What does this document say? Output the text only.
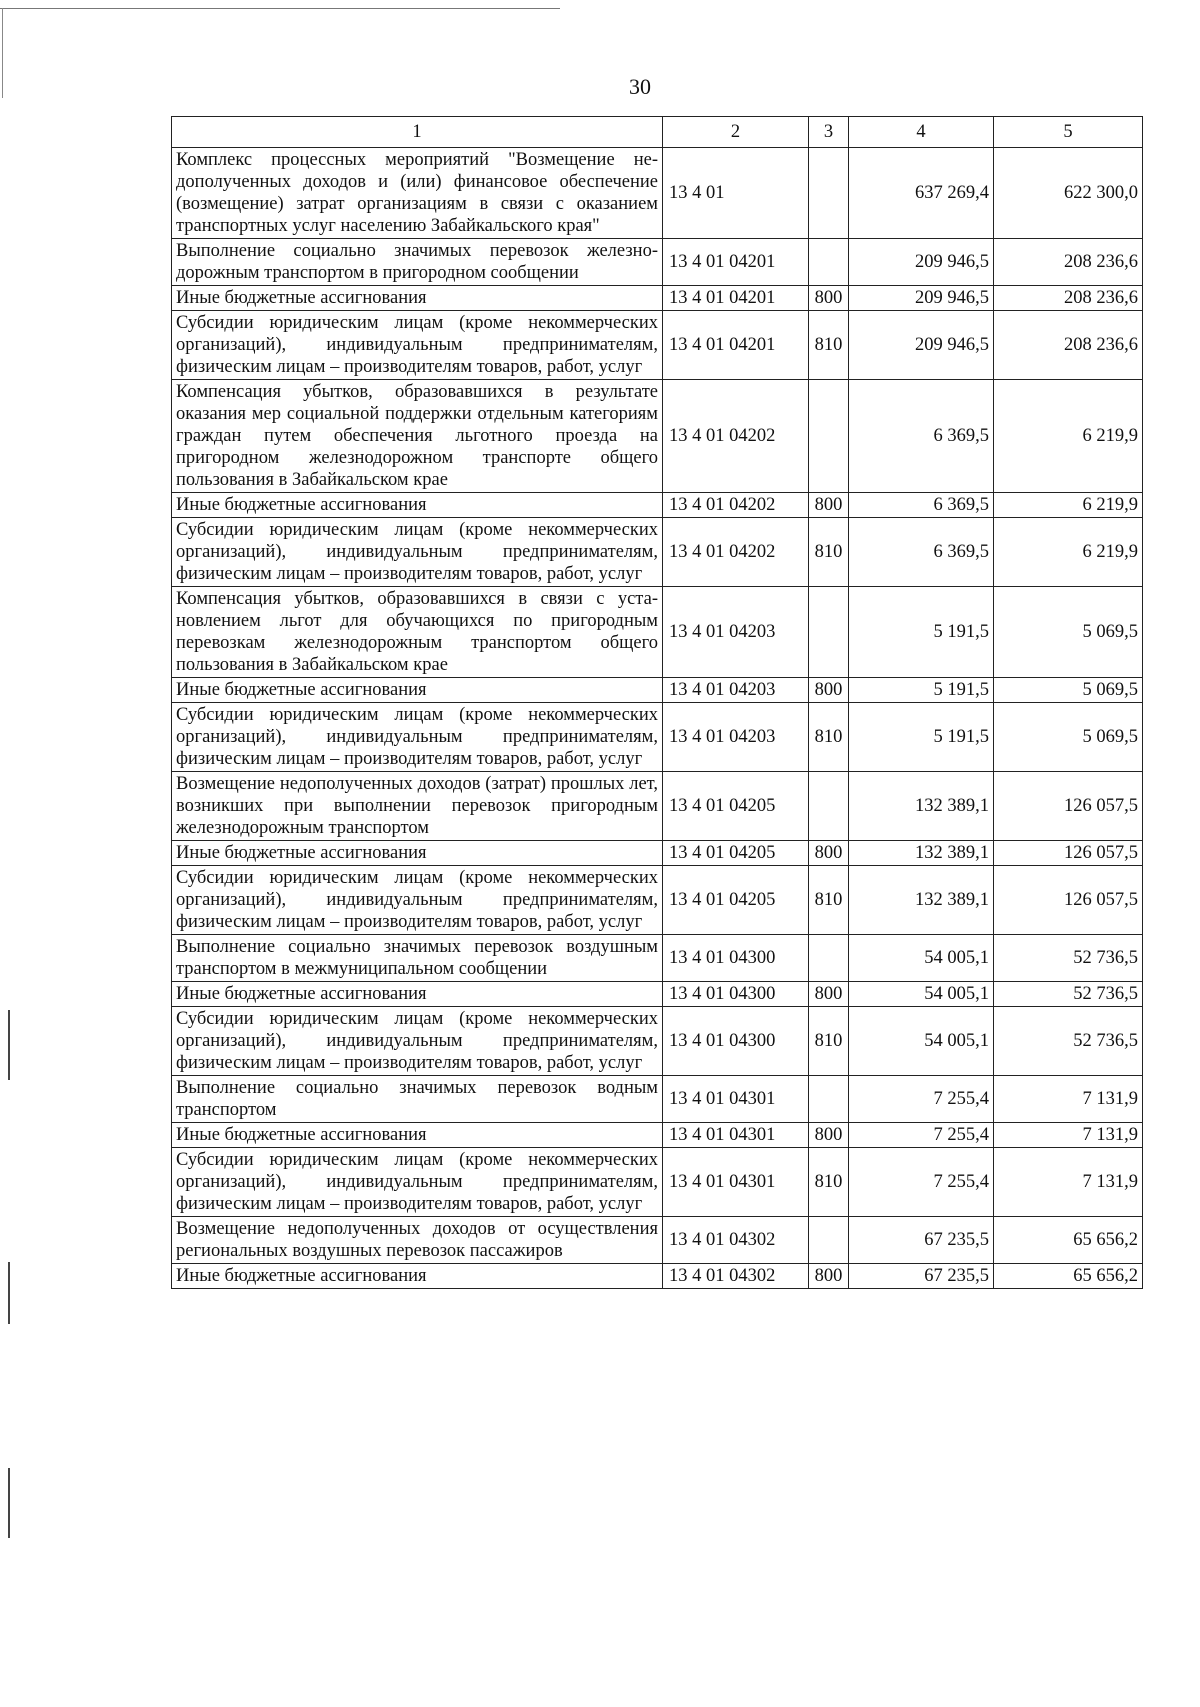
30
1	2	3	4	5
Комплекс процессных мероприятий "Возмещение недополученных доходов и (или) финансовое обеспечение (возмещение) затрат организациям в связи с оказанием транспортных услуг населению Забайкальского края"	13 4 01		637 269,4	622 300,0
Выполнение социально значимых перевозок железнодорожным транспортом в пригородном сообщении	13 4 01 04201		209 946,5	208 236,6
Иные бюджетные ассигнования	13 4 01 04201	800	209 946,5	208 236,6
Субсидии юридическим лицам (кроме некоммерческих организаций), индивидуальным предпринимателям, физическим лицам – производителям товаров, работ, услуг	13 4 01 04201	810	209 946,5	208 236,6
Компенсация убытков, образовавшихся в результате оказания мер социальной поддержки отдельным категориям граждан путем обеспечения льготного проезда на пригородном железнодорожном транспорте общего пользования в Забайкальском крае	13 4 01 04202		6 369,5	6 219,9
Иные бюджетные ассигнования	13 4 01 04202	800	6 369,5	6 219,9
Субсидии юридическим лицам (кроме некоммерческих организаций), индивидуальным предпринимателям, физическим лицам – производителям товаров, работ, услуг	13 4 01 04202	810	6 369,5	6 219,9
Компенсация убытков, образовавшихся в связи с установлением льгот для обучающихся по пригородным перевозкам железнодорожным транспортом общего пользования в Забайкальском крае	13 4 01 04203		5 191,5	5 069,5
Иные бюджетные ассигнования	13 4 01 04203	800	5 191,5	5 069,5
Субсидии юридическим лицам (кроме некоммерческих организаций), индивидуальным предпринимателям, физическим лицам – производителям товаров, работ, услуг	13 4 01 04203	810	5 191,5	5 069,5
Возмещение недополученных доходов (затрат) прошлых лет, возникших при выполнении перевозок пригородным железнодорожным транспортом	13 4 01 04205		132 389,1	126 057,5
Иные бюджетные ассигнования	13 4 01 04205	800	132 389,1	126 057,5
Субсидии юридическим лицам (кроме некоммерческих организаций), индивидуальным предпринимателям, физическим лицам – производителям товаров, работ, услуг	13 4 01 04205	810	132 389,1	126 057,5
Выполнение социально значимых перевозок воздушным транспортом в межмуниципальном сообщении	13 4 01 04300		54 005,1	52 736,5
Иные бюджетные ассигнования	13 4 01 04300	800	54 005,1	52 736,5
Субсидии юридическим лицам (кроме некоммерческих организаций), индивидуальным предпринимателям, физическим лицам – производителям товаров, работ, услуг	13 4 01 04300	810	54 005,1	52 736,5
Выполнение социально значимых перевозок водным транспортом	13 4 01 04301		7 255,4	7 131,9
Иные бюджетные ассигнования	13 4 01 04301	800	7 255,4	7 131,9
Субсидии юридическим лицам (кроме некоммерческих организаций), индивидуальным предпринимателям, физическим лицам – производителям товаров, работ, услуг	13 4 01 04301	810	7 255,4	7 131,9
Возмещение недополученных доходов от осуществления региональных воздушных перевозок пассажиров	13 4 01 04302		67 235,5	65 656,2
Иные бюджетные ассигнования	13 4 01 04302	800	67 235,5	65 656,2
